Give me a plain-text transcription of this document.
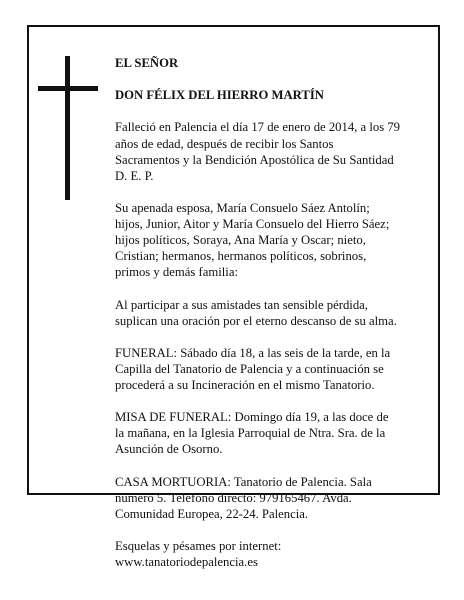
EL SEÑOR

DON FÉLIX DEL HIERRO MARTÍN

Falleció en Palencia el día 17 de enero de 2014, a los 79
años de edad, después de recibir los Santos
Sacramentos y la Bendición Apostólica de Su Santidad
D. E. P.

Su apenada esposa, María Consuelo Sáez Antolín;
hijos, Junior, Aitor y María Consuelo del Hierro Sáez;
hijos políticos, Soraya, Ana María y Oscar; nieto,
Cristian; hermanos, hermanos políticos, sobrinos,
primos y demás familia:

Al participar a sus amistades tan sensible pérdida,
suplican una oración por el eterno descanso de su alma.

FUNERAL: Sábado día 18, a las seis de la tarde, en la
Capilla del Tanatorio de Palencia y a continuación se
procederá a su Incineración en el mismo Tanatorio.

MISA DE FUNERAL: Domingo día 19, a las doce de
la mañana, en la Iglesia Parroquial de Ntra. Sra. de la
Asunción de Osorno.

CASA MORTUORIA: Tanatorio de Palencia. Sala
número 5. Teléfono directo: 979165467. Avda.
Comunidad Europea, 22-24. Palencia.

Esquelas y pésames por internet:
www.tanatoriodepalencia.es
